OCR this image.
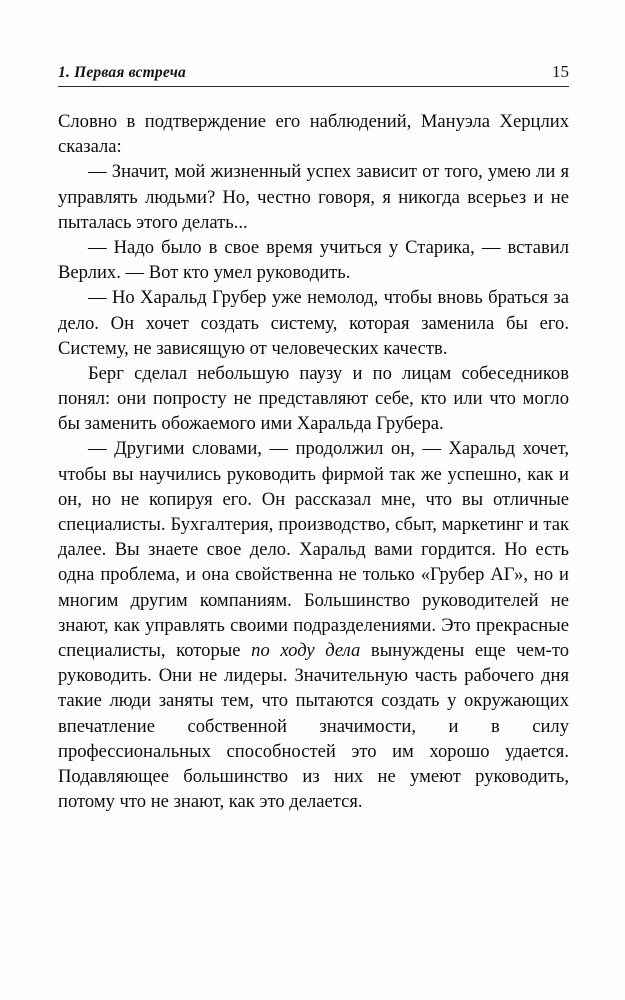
1. Первая встреча	15

Словно в подтверждение его наблюдений, Мануэла Херцлих сказала:

— Значит, мой жизненный успех зависит от того, умею ли я управлять людьми? Но, честно говоря, я никогда всерьез и не пыталась этого делать...

— Надо было в свое время учиться у Старика, — вставил Верлих. — Вот кто умел руководить.

— Но Харальд Грубер уже немолод, чтобы вновь браться за дело. Он хочет создать систему, которая заменила бы его. Систему, не зависящую от человеческих качеств.

Берг сделал небольшую паузу и по лицам собеседников понял: они попросту не представляют себе, кто или что могло бы заменить обожаемого ими Харальда Грубера.

— Другими словами, — продолжил он, — Харальд хочет, чтобы вы научились руководить фирмой так же успешно, как и он, но не копируя его. Он рассказал мне, что вы отличные специалисты. Бухгалтерия, производство, сбыт, маркетинг и так далее. Вы знаете свое дело. Харальд вами гордится. Но есть одна проблема, и она свойственна не только «Грубер АГ», но и многим другим компаниям. Большинство руководителей не знают, как управлять своими подразделениями. Это прекрасные специалисты, которые по ходу дела вынуждены еще чем-то руководить. Они не лидеры. Значительную часть рабочего дня такие люди заняты тем, что пытаются создать у окружающих впечатление собственной значимости, и в силу профессиональных способностей это им хорошо удается. Подавляющее большинство из них не умеют руководить, потому что не знают, как это делается.
